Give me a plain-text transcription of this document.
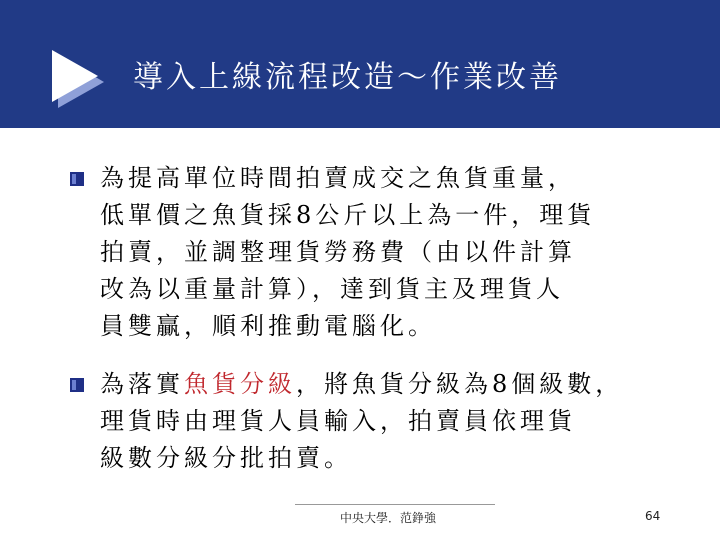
導入上線流程改造～作業改善
為提高單位時間拍賣成交之魚貨重量，
低單價之魚貨採8公斤以上為一件，理貨
拍賣，並調整理貨勞務費（由以件計算
改為以重量計算），達到貨主及理貨人
員雙贏，順利推動電腦化。
為落實魚貨分級，將魚貨分級為8個級數，
理貨時由理貨人員輸入，拍賣員依理貨
級數分級分批拍賣。
中央大學．范錚強	64
